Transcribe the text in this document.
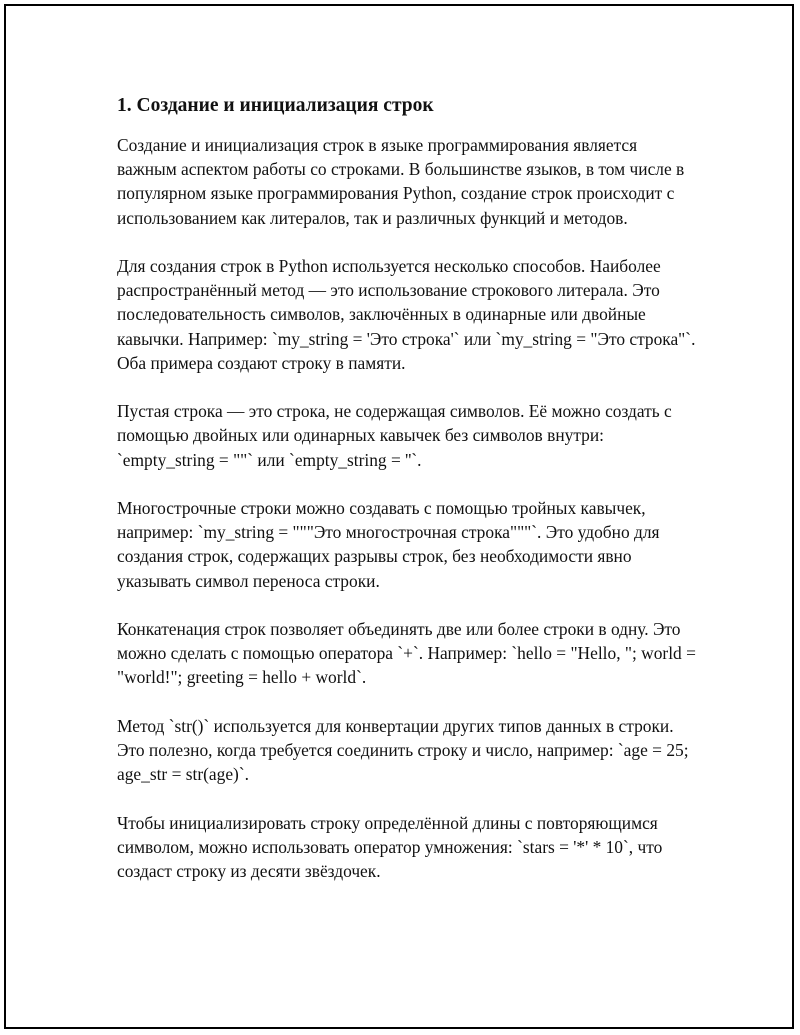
1. Создание и инициализация строк

Создание и инициализация строк в языке программирования является важным аспектом работы со строками. В большинстве языков, в том числе в популярном языке программирования Python, создание строк происходит с использованием как литералов, так и различных функций и методов.

Для создания строк в Python используется несколько способов. Наиболее распространённый метод — это использование строкового литерала. Это последовательность символов, заключённых в одинарные или двойные кавычки. Например: `my_string = 'Это строка'` или `my_string = "Это строка"`. Оба примера создают строку в памяти.

Пустая строка — это строка, не содержащая символов. Её можно создать с помощью двойных или одинарных кавычек без символов внутри: `empty_string = ""` или `empty_string = ''`.

Многострочные строки можно создавать с помощью тройных кавычек, например: `my_string = """Это многострочная строка"""`. Это удобно для создания строк, содержащих разрывы строк, без необходимости явно указывать символ переноса строки.

Конкатенация строк позволяет объединять две или более строки в одну. Это можно сделать с помощью оператора `+`. Например: `hello = "Hello, "; world = "world!"; greeting = hello + world`.

Метод `str()` используется для конвертации других типов данных в строки. Это полезно, когда требуется соединить строку и число, например: `age = 25; age_str = str(age)`.

Чтобы инициализировать строку определённой длины с повторяющимся символом, можно использовать оператор умножения: `stars = '*' * 10`, что создаст строку из десяти звёздочек.
